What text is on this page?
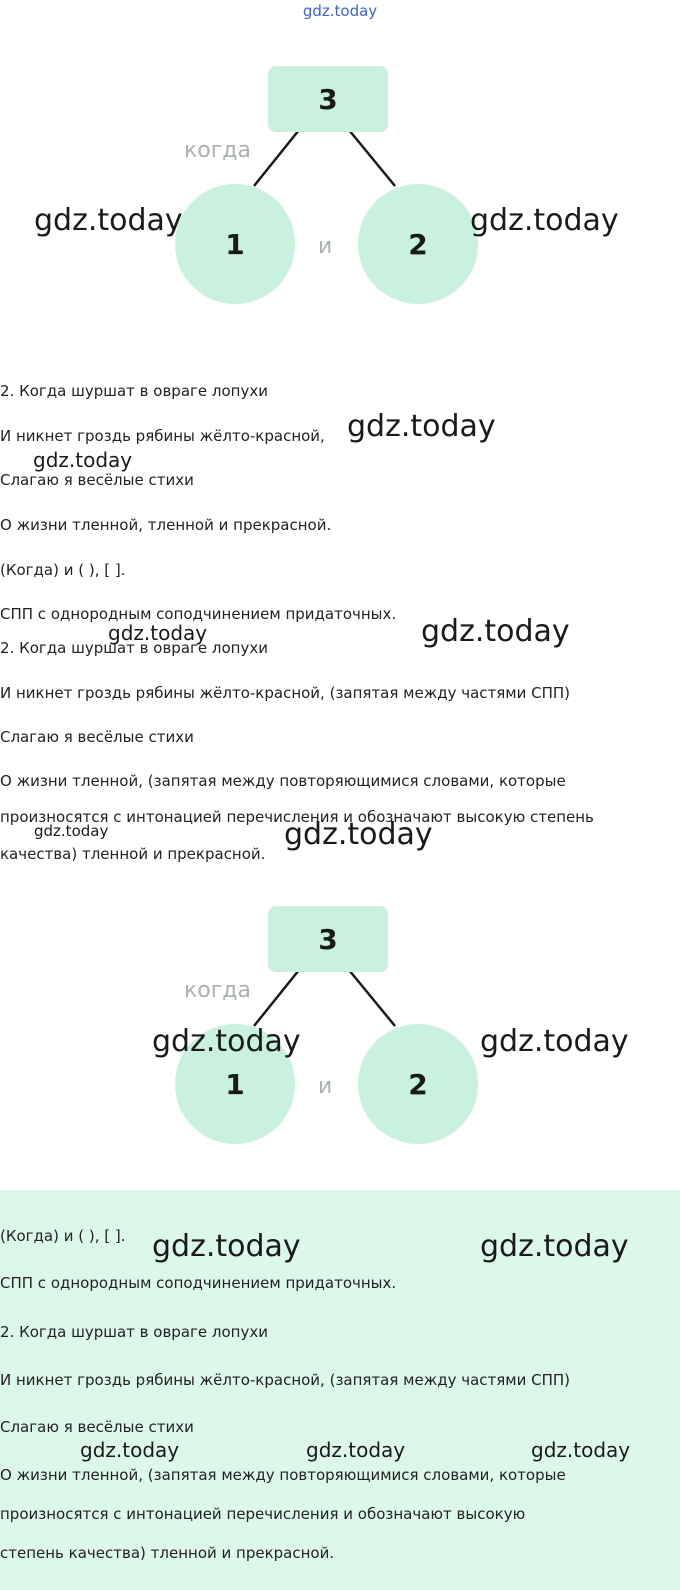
gdz.today
3
когда
1	и	2
gdz.today	gdz.today
2. Когда шуршат в овраге лопухи
И никнет гроздь рябины жёлто-красной, gdz.today
gdz.today
Слагаю я весёлые стихи
О жизни тленной, тленной и прекрасной.
(Когда) и ( ), [ ].
СПП с однородным соподчинением придаточных.
gdz.today	gdz.today
2. Когда шуршат в овраге лопухи
И никнет гроздь рябины жёлто-красной, (запятая между частями СПП)
Слагаю я весёлые стихи
О жизни тленной, (запятая между повторяющимися словами, которые
произносятся с интонацией перечисления и обозначают высокую степень
gdz.today
качества) тленной и прекрасной.
gdz.today
3
когда
1	и	2
gdz.today	gdz.today
(Когда) и ( ), [ ]. gdz.today	gdz.today
СПП с однородным соподчинением придаточных.
2. Когда шуршат в овраге лопухи
И никнет гроздь рябины жёлто-красной, (запятая между частями СПП)
Слагаю я весёлые стихи
gdz.today	gdz.today	gdz.today
О жизни тленной, (запятая между повторяющимися словами, которые
произносятся с интонацией перечисления и обозначают высокую
степень качества) тленной и прекрасной.
